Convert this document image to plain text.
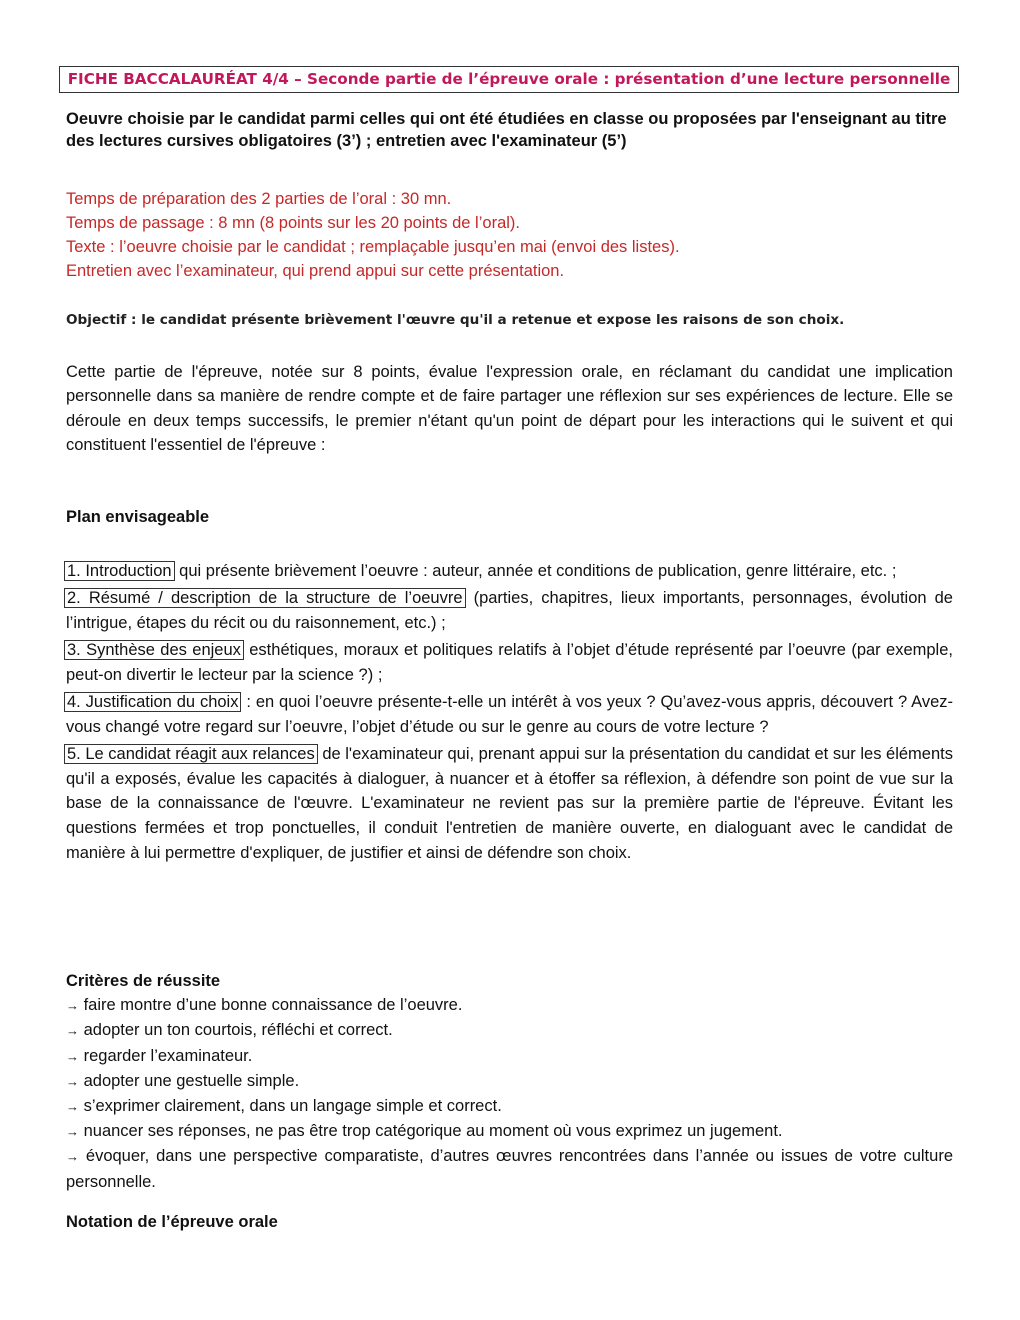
FICHE BACCALAURÉAT 4/4 – Seconde partie de l’épreuve orale : présentation d’une lecture personnelle
Oeuvre choisie par le candidat parmi celles qui ont été étudiées en classe ou proposées par l'enseignant au titre des lectures cursives obligatoires (3’) ; entretien avec l'examinateur (5’)
Temps de préparation des 2 parties de l’oral : 30 mn.
Temps de passage : 8 mn (8 points sur les 20 points de l’oral).
Texte : l’oeuvre choisie par le candidat ; remplaçable jusqu’en mai (envoi des listes).
Entretien avec l’examinateur, qui prend appui sur cette présentation.
Objectif : le candidat présente brièvement l'œuvre qu'il a retenue et expose les raisons de son choix.
Cette partie de l'épreuve, notée sur 8 points, évalue l'expression orale, en réclamant du candidat une implication personnelle dans sa manière de rendre compte et de faire partager une réflexion sur ses expériences de lecture. Elle se déroule en deux temps successifs, le premier n'étant qu'un point de départ pour les interactions qui le suivent et qui constituent l'essentiel de l'épreuve :
Plan envisageable

1. Introduction qui présente brièvement l’oeuvre : auteur, année et conditions de publication, genre littéraire, etc. ;

2. Résumé / description de la structure de l’oeuvre (parties, chapitres, lieux importants, personnages, évolution de l’intrigue, étapes du récit ou du raisonnement, etc.) ;

3. Synthèse des enjeux esthétiques, moraux et politiques relatifs à l’objet d’étude représenté par l’oeuvre (par exemple, peut-on divertir le lecteur par la science ?) ;

4. Justification du choix : en quoi l’oeuvre présente-t-elle un intérêt à vos yeux ? Qu’avez-vous appris, découvert ? Avez-vous changé votre regard sur l’oeuvre, l’objet d’étude ou sur le genre au cours de votre lecture ?

5. Le candidat réagit aux relances de l'examinateur qui, prenant appui sur la présentation du candidat et sur les éléments qu'il a exposés, évalue les capacités à dialoguer, à nuancer et à étoffer sa réflexion, à défendre son point de vue sur la base de la connaissance de l'œuvre. L'examinateur ne revient pas sur la première partie de l'épreuve. Évitant les questions fermées et trop ponctuelles, il conduit l'entretien de manière ouverte, en dialoguant avec le candidat de manière à lui permettre d'expliquer, de justifier et ainsi de défendre son choix.

Critères de réussite

→ faire montre d’une bonne connaissance de l’oeuvre.

→ adopter un ton courtois, réfléchi et correct.

→ regarder l’examinateur.

→ adopter une gestuelle simple.

→ s’exprimer clairement, dans un langage simple et correct.

→ nuancer ses réponses, ne pas être trop catégorique au moment où vous exprimez un jugement.

→ évoquer, dans une perspective comparatiste, d’autres œuvres rencontrées dans l’année ou issues de votre culture personnelle.

Notation de l’épreuve orale
